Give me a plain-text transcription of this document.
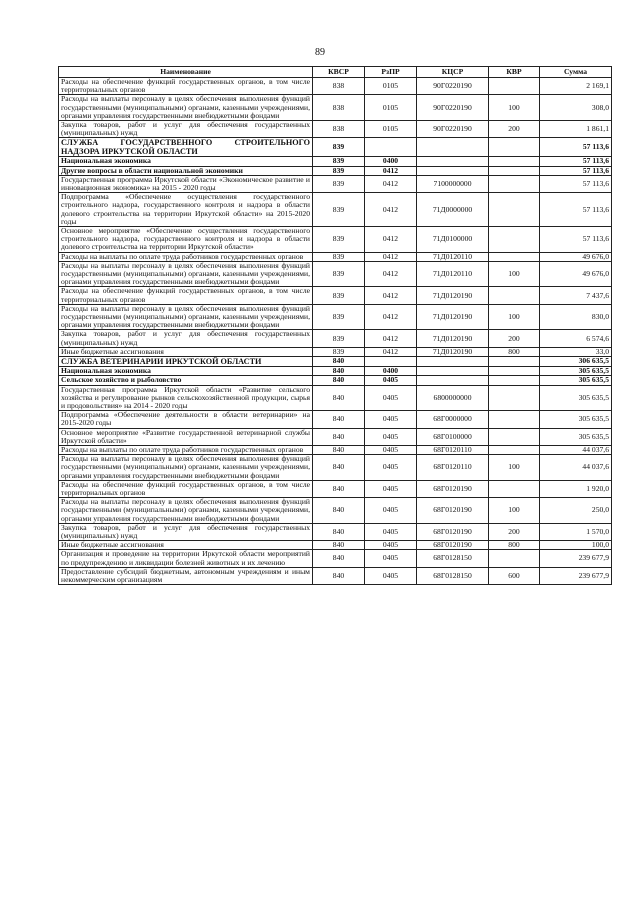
89
Наименование	КВСР	РзПР	КЦСР	КВР	Сумма
Расходы на обеспечение функций государственных органов, в том числе территориальных органов	838	0105	90Г0220190		2 169,1
Расходы на выплаты персоналу в целях обеспечения выполнения функций государственными (муниципальными) органами, казенными учреждениями, органами управления государственными внебюджетными фондами	838	0105	90Г0220190	100	308,0
Закупка товаров, работ и услуг для обеспечения государственных (муниципальных) нужд	838	0105	90Г0220190	200	1 861,1
СЛУЖБА ГОСУДАРСТВЕННОГО СТРОИТЕЛЬНОГО НАДЗОРА ИРКУТСКОЙ ОБЛАСТИ	839				57 113,6
Национальная экономика	839	0400			57 113,6
Другие вопросы в области национальной экономики	839	0412			57 113,6
Государственная программа Иркутской области «Экономическое развитие и инновационная экономика» на 2015 - 2020 годы	839	0412	7100000000		57 113,6
Подпрограмма «Обеспечение осуществления государственного строительного надзора, государственного контроля и надзора в области долевого строительства на территории Иркутской области» на 2015-2020 годы	839	0412	71Д0000000		57 113,6
Основное мероприятие «Обеспечение осуществления государственного строительного надзора, государственного контроля и надзора в области долевого строительства на территории Иркутской области»	839	0412	71Д0100000		57 113,6
Расходы на выплаты по оплате труда работников государственных органов	839	0412	71Д0120110		49 676,0
Расходы на выплаты персоналу в целях обеспечения выполнения функций государственными (муниципальными) органами, казенными учреждениями, органами управления государственными внебюджетными фондами	839	0412	71Д0120110	100	49 676,0
Расходы на обеспечение функций государственных органов, в том числе территориальных органов	839	0412	71Д0120190		7 437,6
Расходы на выплаты персоналу в целях обеспечения выполнения функций государственными (муниципальными) органами, казенными учреждениями, органами управления государственными внебюджетными фондами	839	0412	71Д0120190	100	830,0
Закупка товаров, работ и услуг для обеспечения государственных (муниципальных) нужд	839	0412	71Д0120190	200	6 574,6
Иные бюджетные ассигнования	839	0412	71Д0120190	800	33,0
СЛУЖБА ВЕТЕРИНАРИИ ИРКУТСКОЙ ОБЛАСТИ	840				306 635,5
Национальная экономика	840	0400			305 635,5
Сельское хозяйство и рыболовство	840	0405			305 635,5
Государственная программа Иркутской области «Развитие сельского хозяйства и регулирование рынков сельскохозяйственной продукции, сырья и продовольствия» на 2014 - 2020 годы	840	0405	6800000000		305 635,5
Подпрограмма «Обеспечение деятельности в области ветеринарии» на 2015-2020 годы	840	0405	68Г0000000		305 635,5
Основное мероприятие «Развитие государственной ветеринарной службы Иркутской области»	840	0405	68Г0100000		305 635,5
Расходы на выплаты по оплате труда работников государственных органов	840	0405	68Г0120110		44 037,6
Расходы на выплаты персоналу в целях обеспечения выполнения функций государственными (муниципальными) органами, казенными учреждениями, органами управления государственными внебюджетными фондами	840	0405	68Г0120110	100	44 037,6
Расходы на обеспечение функций государственных органов, в том числе территориальных органов	840	0405	68Г0120190		1 920,0
Расходы на выплаты персоналу в целях обеспечения выполнения функций государственными (муниципальными) органами, казенными учреждениями, органами управления государственными внебюджетными фондами	840	0405	68Г0120190	100	250,0
Закупка товаров, работ и услуг для обеспечения государственных (муниципальных) нужд	840	0405	68Г0120190	200	1 570,0
Иные бюджетные ассигнования	840	0405	68Г0120190	800	100,0
Организация и проведение на территории Иркутской области мероприятий по предупреждению и ликвидации болезней животных и их лечению	840	0405	68Г0128150		239 677,9
Предоставление субсидий бюджетным, автономным учреждениям и иным некоммерческим организациям	840	0405	68Г0128150	600	239 677,9
